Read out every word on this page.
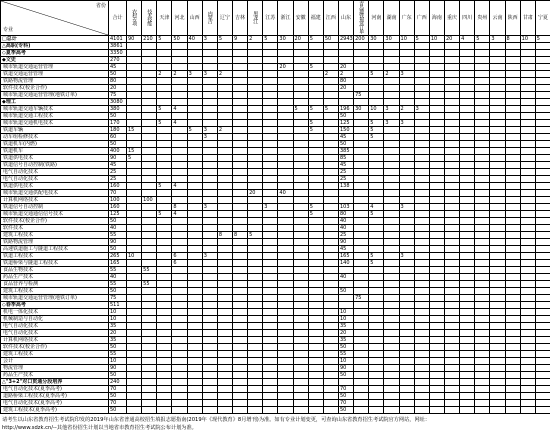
省份
专业	合计	农村专项	技术技能	天津	河北	山西	内蒙古	辽宁	吉林	黑龙江	江苏	浙江	安徽	福建	江西	山东	青岛地铁预选订单	河南	湖南	广东	广西	海南	重庆	四川	贵州	云南	陕西	甘肃	宁夏
□总计	4101	90	210	5	50	40	3	5	9	2	5	30	20	5	50	2943	200	30	30	10	5	10	20	4	5	3	8	10	5
△高职(专科)	3861																												
◇夏季高考	3350																												
◆文史	270																												
城市轨道交通运营管理	45											20		5		20													
铁道交通运营管理	50			2	2	3	3	2							2	2		5	2	3									
铁路物流管理	80															80													
软件技术(校企合作)	20															20													
城市轨道交通运营管理(地铁订单)	75																75												
◆理工	3080																												
城市轨道交通车辆技术	380			5	4								5	5	5	196	30	10	3	2	3								
城市轨道交通工程技术	50															50													
城市轨道交通机电技术	170			5	4									5		125		5	3	3									
铁道车辆	180	15				5	3	2						5		150		5											
动车组检修技术	60						3									45		5											
铁道机车(内燃)	50															50													
铁道机车	400	15														385													
铁道供电技术	90	5														85													
铁道信号自动控制(铁路)	45															45													
电气自动化技术	25															25													
电气自动化技术	25															25													
铁道供电技术	160			5	4											138													
城市轨道交通供配电技术	70									20		40																	
计算机网络技术	100		100																										
铁道信号自动控制	160				8		3				3			5		103		4		3									
城市轨道交通通信信号技术	125			5	4									5		80		5											
软件技术(校企合作)	50															40													
软件技术	40															40													
建筑工程技术	55							8	8	5						25													
铁路物流管理	90															90													
高速铁道施工与隧道工程技术	50															45													
铁道工程技术	265	10			6		3									165		5		3									
铁道桥梁与隧道工程技术	165				6											140		5											
食品生物技术	55		55																										
药品生产技术	40															40													
食品营养与检测	55		55																										
建筑工程技术	50															50													
城市轨道交通运营管理(地铁订单)	75																75												
◇春季高考	511																												
机电一体化技术	10															10													
机械制造与自动化	10															10													
电气自动化技术	35															35													
电气自动化技术	20															20													
计算机网络技术	35															35													
软件技术(校企合作)	50															50													
建筑工程技术	55															55													
会计	10															10													
物流管理	90															90													
药品生产技术	50															50													
△"3+2"对口贯通分段培养	240																												
电气自动化技术(夏季高考)	70															70													
道路桥梁工程技术(夏季高考)	50															50													
电气自动化技术(夏季高考)	70															70													
建筑工程技术(夏季高考)	50															50													
请考生以山东省教育招生考试院印发的2019年山东省普通高校招生填报志愿指南(2019年《现代教育》8月增刊)为准。如有专业计划变更，可查询山东省教育招生考试院官方网站，网址：
http://www.sdzk.cn/--其他省份招生计划以当地省市教育招生考试院公布计划为准。
